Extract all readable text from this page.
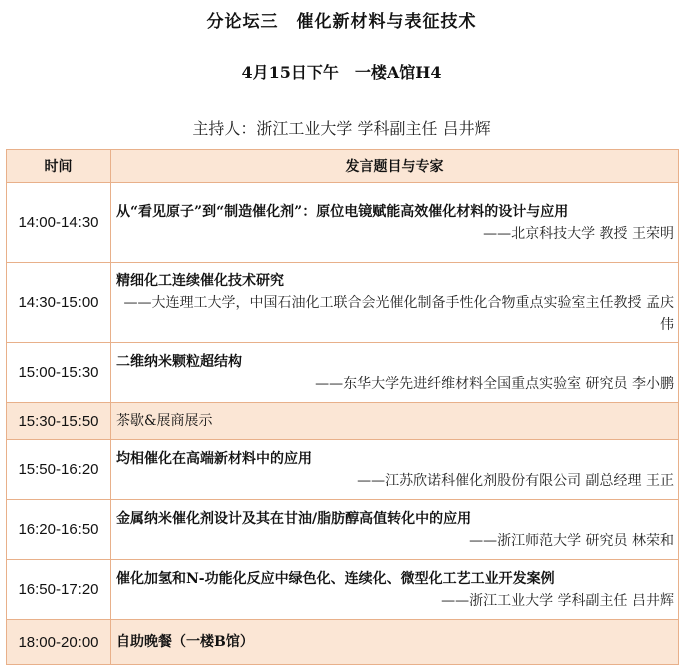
分论坛三　催化新材料与表征技术
4月15日下午　一楼A馆H4
主持人：浙江工业大学 学科副主任 吕井辉
时间	发言题目与专家
14:00-14:30	从“看见原子”到“制造催化剂”：原位电镜赋能高效催化材料的设计与应用
——北京科技大学 教授 王荣明

14:30-15:00	精细化工连续催化技术研究
——大连理工大学，中国石油化工联合会光催化制备手性化合物重点实验室主任教授 孟庆伟

15:00-15:30	二维纳米颗粒超结构
——东华大学先进纤维材料全国重点实验室 研究员 李小鹏

15:30-15:50	茶歇&展商展示

15:50-16:20	均相催化在高端新材料中的应用
——江苏欣诺科催化剂股份有限公司 副总经理 王正

16:20-16:50	金属纳米催化剂设计及其在甘油/脂肪醇高值转化中的应用
——浙江师范大学 研究员 林荣和

16:50-17:20	催化加氢和N-功能化反应中绿色化、连续化、微型化工艺工业开发案例
——浙江工业大学 学科副主任 吕井辉

18:00-20:00	自助晚餐（一楼B馆）
